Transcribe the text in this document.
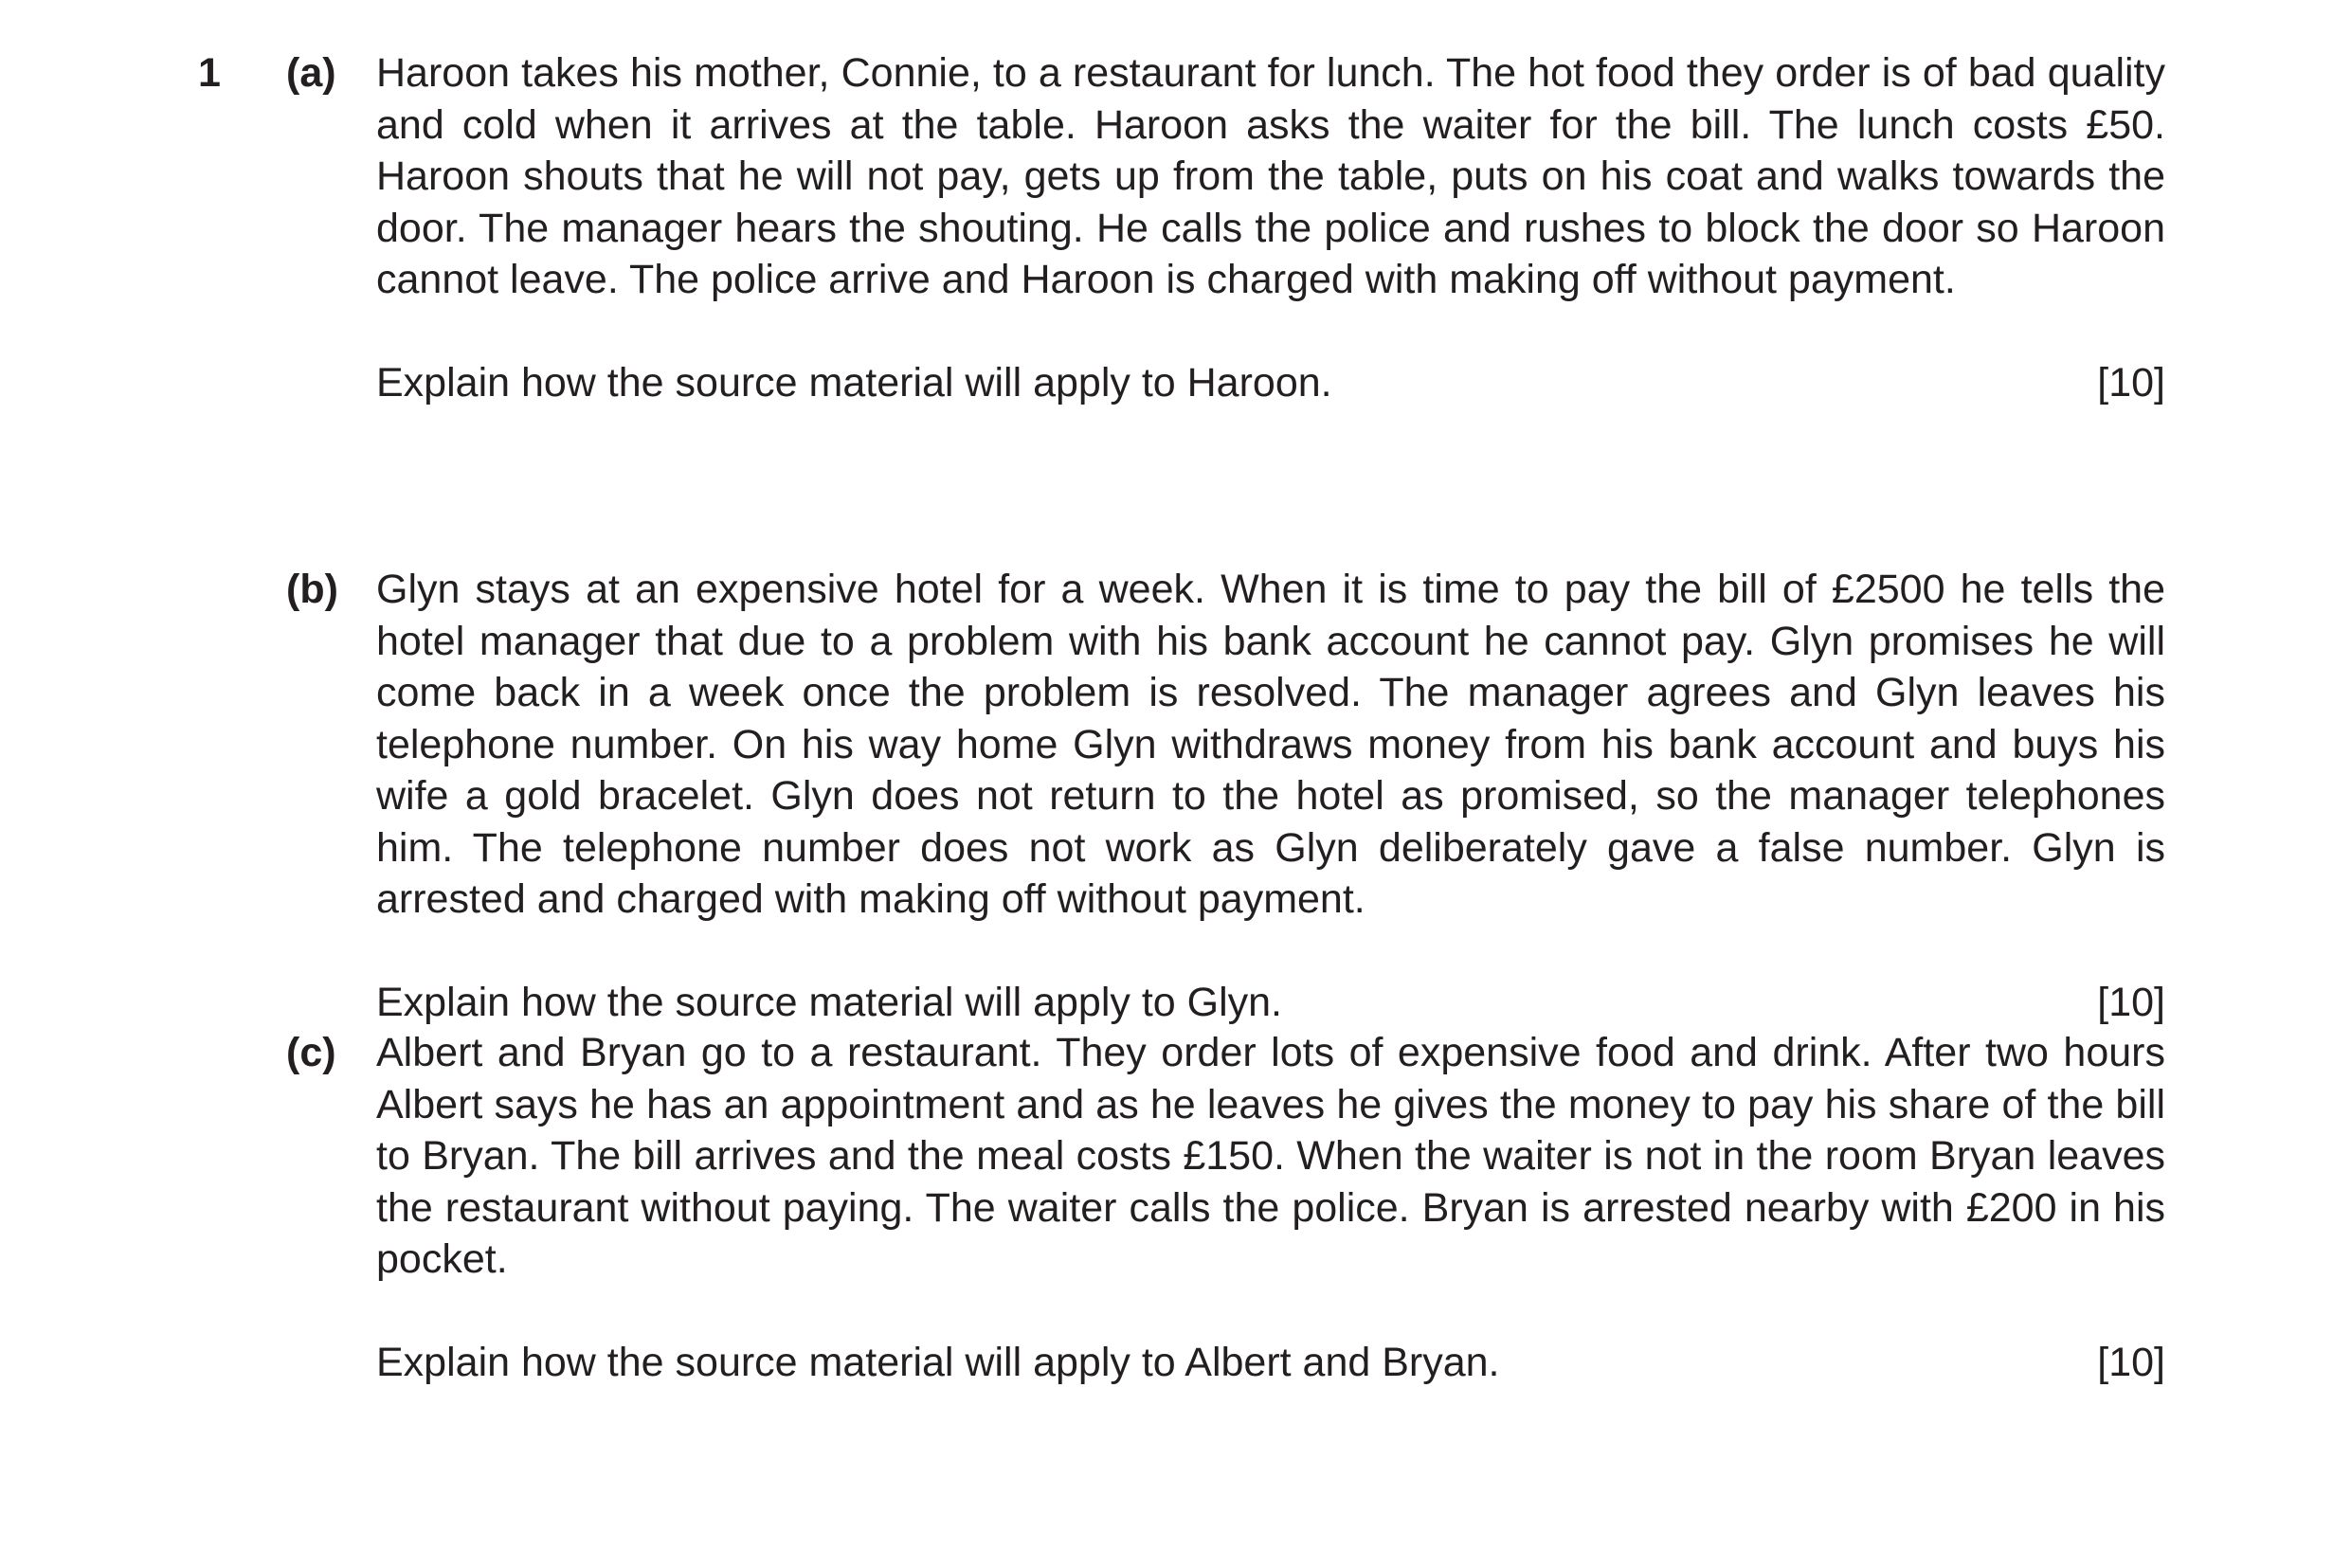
1 (a) Haroon takes his mother, Connie, to a restaurant for lunch. The hot food they order is of bad quality and cold when it arrives at the table. Haroon asks the waiter for the bill. The lunch costs £50. Haroon shouts that he will not pay, gets up from the table, puts on his coat and walks towards the door. The manager hears the shouting. He calls the police and rushes to block the door so Haroon cannot leave. The police arrive and Haroon is charged with making off without payment.

Explain how the source material will apply to Haroon.	[10]
(b) Glyn stays at an expensive hotel for a week. When it is time to pay the bill of £2500 he tells the hotel manager that due to a problem with his bank account he cannot pay. Glyn promises he will come back in a week once the problem is resolved. The manager agrees and Glyn leaves his telephone number. On his way home Glyn withdraws money from his bank account and buys his wife a gold bracelet. Glyn does not return to the hotel as promised, so the manager telephones him. The telephone number does not work as Glyn deliberately gave a false number. Glyn is arrested and charged with making off without payment.

Explain how the source material will apply to Glyn.	[10]
(c) Albert and Bryan go to a restaurant. They order lots of expensive food and drink. After two hours Albert says he has an appointment and as he leaves he gives the money to pay his share of the bill to Bryan. The bill arrives and the meal costs £150. When the waiter is not in the room Bryan leaves the restaurant without paying. The waiter calls the police. Bryan is arrested nearby with £200 in his pocket.

Explain how the source material will apply to Albert and Bryan.	[10]
